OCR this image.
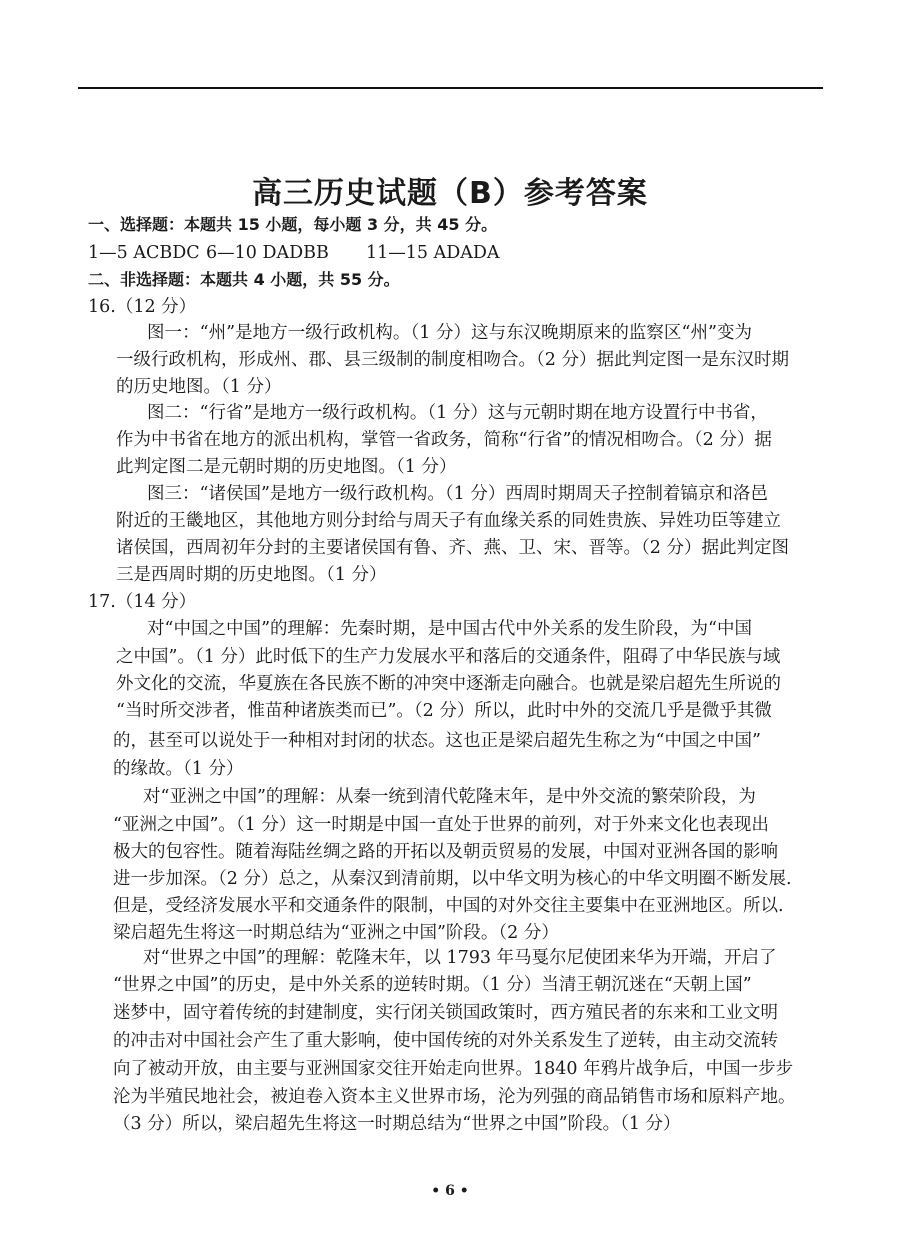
高三历史试题（B）参考答案
一、选择题：本题共 15 小题，每小题 3 分，共 45 分。
1—5 ACBDC 6—10 DADBB 11—15 ADADA
二、非选择题：本题共 4 小题，共 55 分。
16.（12 分）
17.（14 分）
图一：“州”是地方一级行政机构。（1 分）这与东汉晚期原来的监察区“州”变为
一级行政机构，形成州、郡、县三级制的制度相吻合。（2 分）据此判定图一是东汉时期
的历史地图。（1 分）
图二：“行省”是地方一级行政机构。（1 分）这与元朝时期在地方设置行中书省，
作为中书省在地方的派出机构，掌管一省政务，简称“行省”的情况相吻合。（2 分）据
此判定图二是元朝时期的历史地图。（1 分）
图三：“诸侯国”是地方一级行政机构。（1 分）西周时期周天子控制着镐京和洛邑
附近的王畿地区，其他地方则分封给与周天子有血缘关系的同姓贵族、异姓功臣等建立
诸侯国，西周初年分封的主要诸侯国有鲁、齐、燕、卫、宋、晋等。（2 分）据此判定图
三是西周时期的历史地图。（1 分）
对“中国之中国”的理解：先秦时期，是中国古代中外关系的发生阶段，为“中国
之中国”。（1 分）此时低下的生产力发展水平和落后的交通条件，阻碍了中华民族与域
外文化的交流，华夏族在各民族不断的冲突中逐渐走向融合。也就是梁启超先生所说的
“当时所交涉者，惟苗种诸族类而已”。（2 分）所以，此时中外的交流几乎是微乎其微
的，甚至可以说处于一种相对封闭的状态。这也正是梁启超先生称之为“中国之中国”
的缘故。（1 分）
对“亚洲之中国”的理解：从秦一统到清代乾隆末年，是中外交流的繁荣阶段，为
“亚洲之中国”。（1 分）这一时期是中国一直处于世界的前列，对于外来文化也表现出
极大的包容性。随着海陆丝绸之路的开拓以及朝贡贸易的发展，中国对亚洲各国的影响
进一步加深。（2 分）总之，从秦汉到清前期，以中华文明为核心的中华文明圈不断发展.
但是，受经济发展水平和交通条件的限制，中国的对外交往主要集中在亚洲地区。所以.
梁启超先生将这一时期总结为“亚洲之中国”阶段。（2 分）
对“世界之中国”的理解：乾隆末年，以 1793 年马戛尔尼使团来华为开端，开启了
“世界之中国”的历史，是中外关系的逆转时期。（1 分）当清王朝沉迷在“天朝上国”
迷梦中，固守着传统的封建制度，实行闭关锁国政策时，西方殖民者的东来和工业文明
的冲击对中国社会产生了重大影响，使中国传统的对外关系发生了逆转，由主动交流转
向了被动开放，由主要与亚洲国家交往开始走向世界。1840 年鸦片战争后，中国一步步
沦为半殖民地社会，被迫卷入资本主义世界市场，沦为列强的商品销售市场和原料产地。
（3 分）所以，梁启超先生将这一时期总结为“世界之中国”阶段。（1 分）
• 6 •
